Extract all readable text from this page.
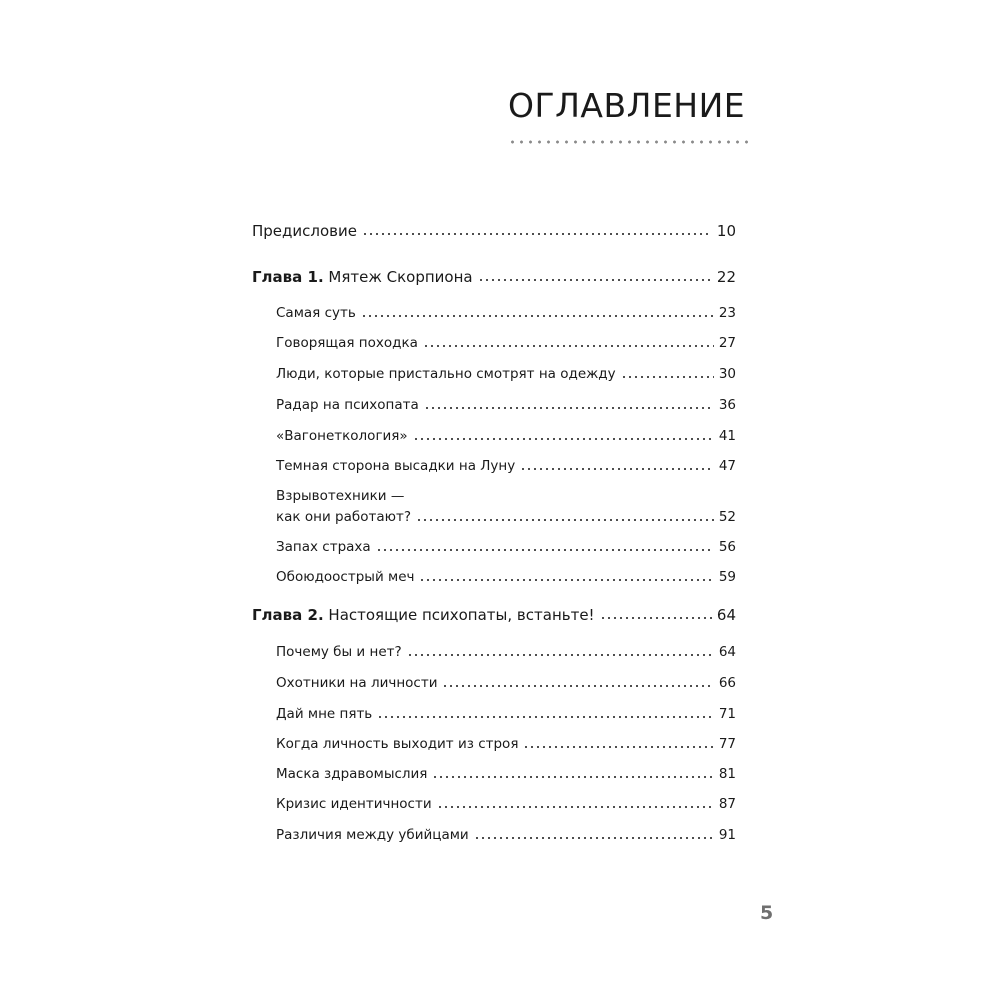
ОГЛАВЛЕНИЕ
Предисловие	10
Глава 1. Мятеж Скорпиона	22
Самая суть	23
Говорящая походка	27
Люди, которые пристально смотрят на одежду	30
Радар на психопата	36
«Вагонеткология»	41
Темная сторона высадки на Луну	47
Взрывотехники —
как они работают?	52
Запах страха	56
Обоюдоострый меч	59
Глава 2. Настоящие психопаты, встаньте!	64
Почему бы и нет?	64
Охотники на личности	66
Дай мне пять	71
Когда личность выходит из строя	77
Маска здравомыслия	81
Кризис идентичности	87
Различия между убийцами	91
5
